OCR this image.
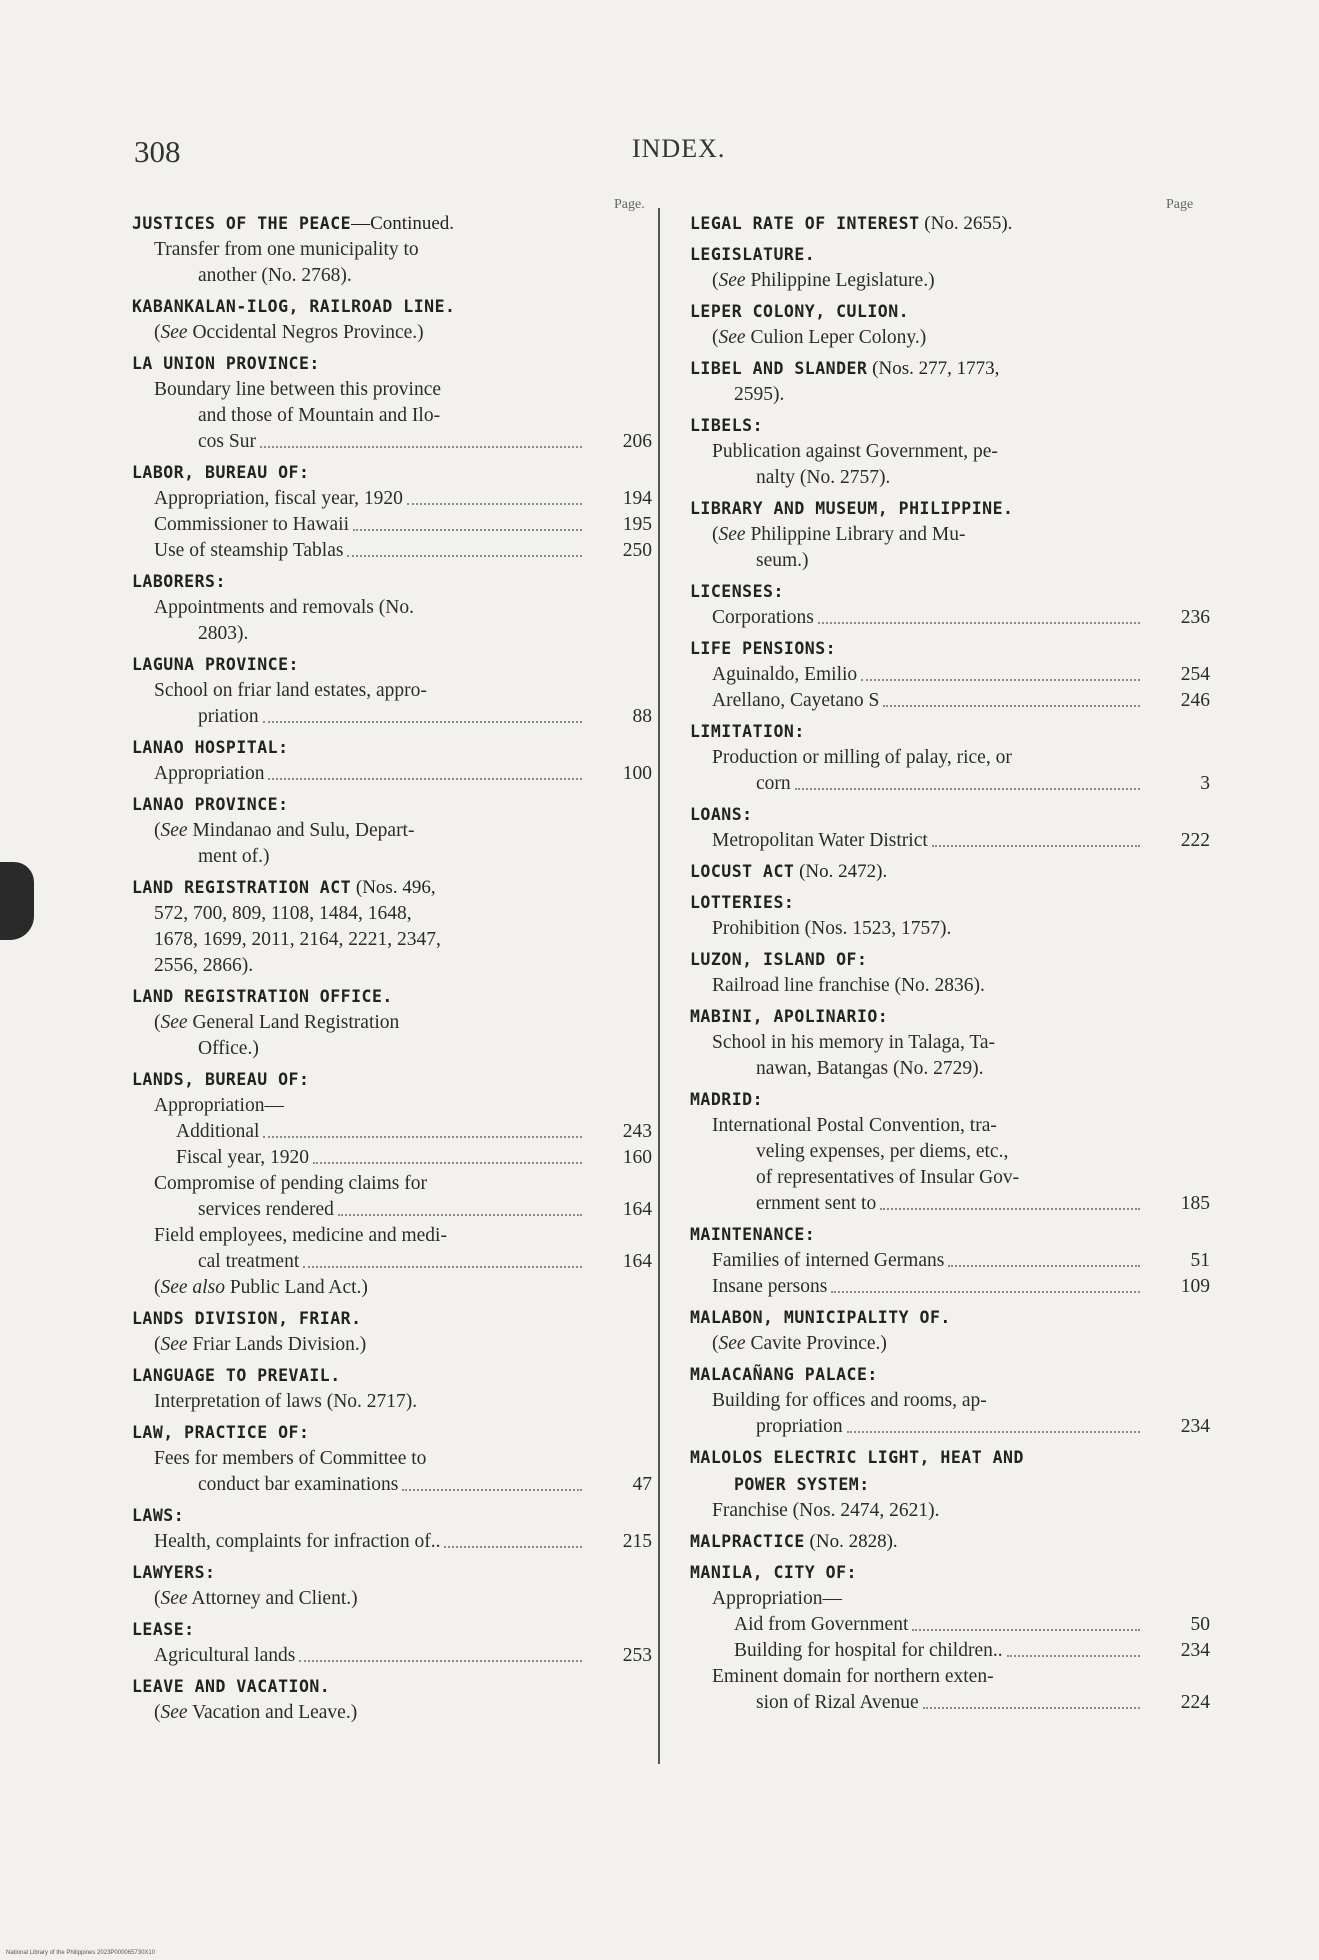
308	INDEX.
Page.	Page
JUSTICES OF THE PEACE—Continued.
Transfer from one municipality to
another (No. 2768).
KABANKALAN-ILOG, RAILROAD LINE.
(See Occidental Negros Province.)
LA UNION PROVINCE:
Boundary line between this province
and those of Mountain and Ilo-
cos Sur	206
LABOR, BUREAU OF:
Appropriation, fiscal year, 1920	194
Commissioner to Hawaii	195
Use of steamship Tablas	250
LABORERS:
Appointments and removals (No.
2803).
LAGUNA PROVINCE:
School on friar land estates, appro-
priation	88
LANAO HOSPITAL:
Appropriation	100
LANAO PROVINCE:
(See Mindanao and Sulu, Depart-
ment of.)
LAND REGISTRATION ACT (Nos. 496,
572, 700, 809, 1108, 1484, 1648,
1678, 1699, 2011, 2164, 2221, 2347,
2556, 2866).
LAND REGISTRATION OFFICE.
(See General Land Registration
Office.)
LANDS, BUREAU OF:
Appropriation—
Additional	243
Fiscal year, 1920	160
Compromise of pending claims for
services rendered	164
Field employees, medicine and medi-
cal treatment	164
(See also Public Land Act.)
LANDS DIVISION, FRIAR.
(See Friar Lands Division.)
LANGUAGE TO PREVAIL.
Interpretation of laws (No. 2717).
LAW, PRACTICE OF:
Fees for members of Committee to
conduct bar examinations	47
LAWS:
Health, complaints for infraction of..	215
LAWYERS:
(See Attorney and Client.)
LEASE:
Agricultural lands	253
LEAVE AND VACATION.
(See Vacation and Leave.)
LEGAL RATE OF INTEREST (No. 2655).
LEGISLATURE.
(See Philippine Legislature.)
LEPER COLONY, CULION.
(See Culion Leper Colony.)
LIBEL AND SLANDER (Nos. 277, 1773,
2595).
LIBELS:
Publication against Government, pe-
nalty (No. 2757).
LIBRARY AND MUSEUM, PHILIPPINE.
(See Philippine Library and Mu-
seum.)
LICENSES:
Corporations	236
LIFE PENSIONS:
Aguinaldo, Emilio	254
Arellano, Cayetano S	246
LIMITATION:
Production or milling of palay, rice, or
corn	3
LOANS:
Metropolitan Water District	222
LOCUST ACT (No. 2472).
LOTTERIES:
Prohibition (Nos. 1523, 1757).
LUZON, ISLAND OF:
Railroad line franchise (No. 2836).
MABINI, APOLINARIO:
School in his memory in Talaga, Ta-
nawan, Batangas (No. 2729).
MADRID:
International Postal Convention, tra-
veling expenses, per diems, etc.,
of representatives of Insular Gov-
ernment sent to	185
MAINTENANCE:
Families of interned Germans	51
Insane persons	109
MALABON, MUNICIPALITY OF.
(See Cavite Province.)
MALACAÑANG PALACE:
Building for offices and rooms, ap-
propriation	234
MALOLOS ELECTRIC LIGHT, HEAT AND
POWER SYSTEM:
Franchise (Nos. 2474, 2621).
MALPRACTICE (No. 2828).
MANILA, CITY OF:
Appropriation—
Aid from Government	50
Building for hospital for children..	234
Eminent domain for northern exten-
sion of Rizal Avenue	224
National Library of the Philippines 2023P000065730X10
